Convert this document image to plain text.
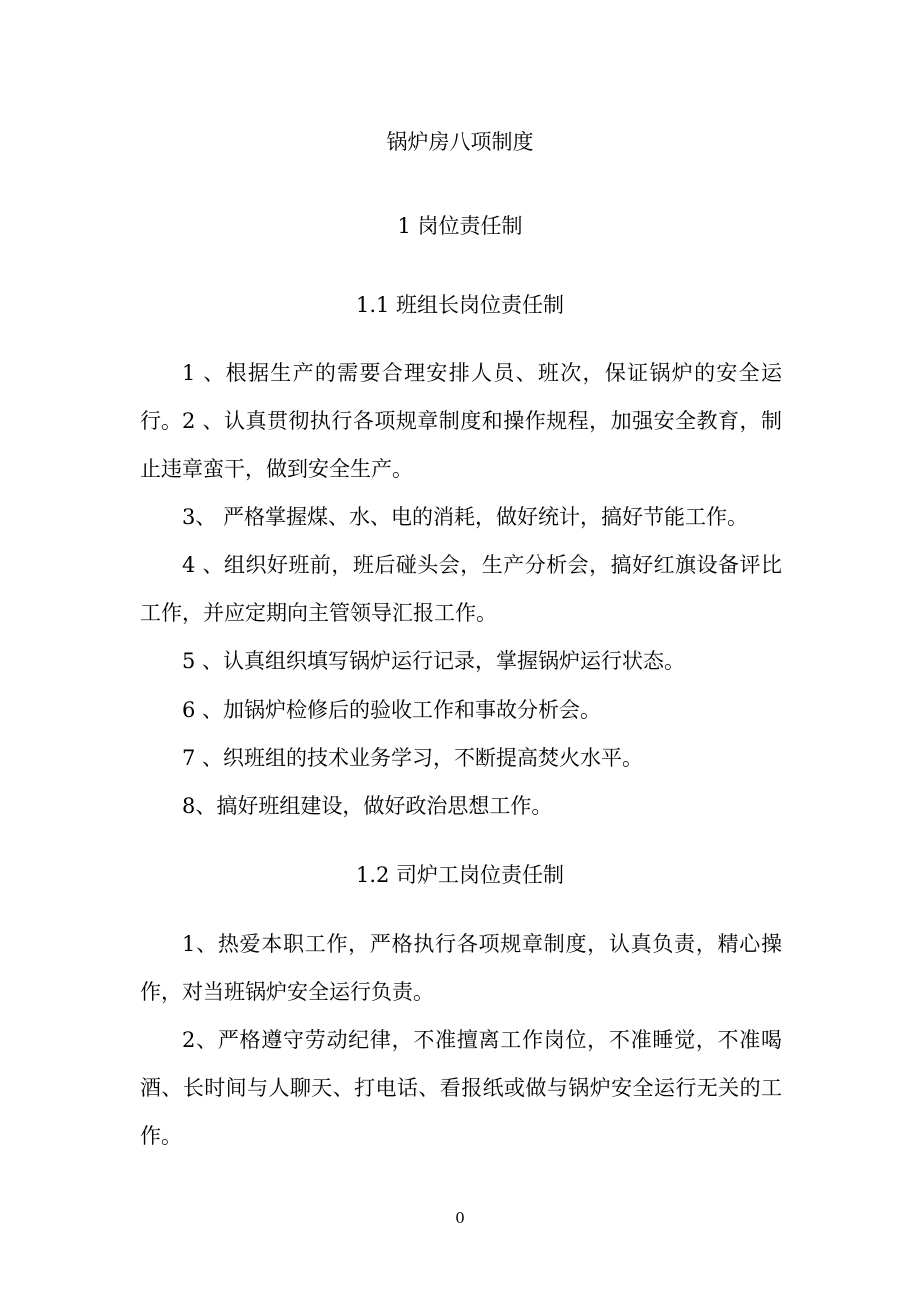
锅炉房八项制度
1 岗位责任制
1.1 班组长岗位责任制
1 、根据生产的需要合理安排人员、班次，保证锅炉的安全运行。 2 、认真贯彻执行各项规章制度和操作规程，加强安全教育，制止违章蛮干，做到安全生产。
3、 严格掌握煤、水、电的消耗，做好统计，搞好节能工作。
4 、组织好班前，班后碰头会，生产分析会，搞好红旗设备评比工作，并应定期向主管领导汇报工作。
5 、认真组织填写锅炉运行记录，掌握锅炉运行状态。
6 、加锅炉检修后的验收工作和事故分析会。
7 、织班组的技术业务学习，不断提高焚火水平。
8、搞好班组建设，做好政治思想工作。
1.2 司炉工岗位责任制
1、热爱本职工作，严格执行各项规章制度，认真负责，精心操作，对当班锅炉安全运行负责。
2、严格遵守劳动纪律，不准擅离工作岗位，不准睡觉，不准喝酒、长时间与人聊天、打电话、看报纸或做与锅炉安全运行无关的工作。
0
